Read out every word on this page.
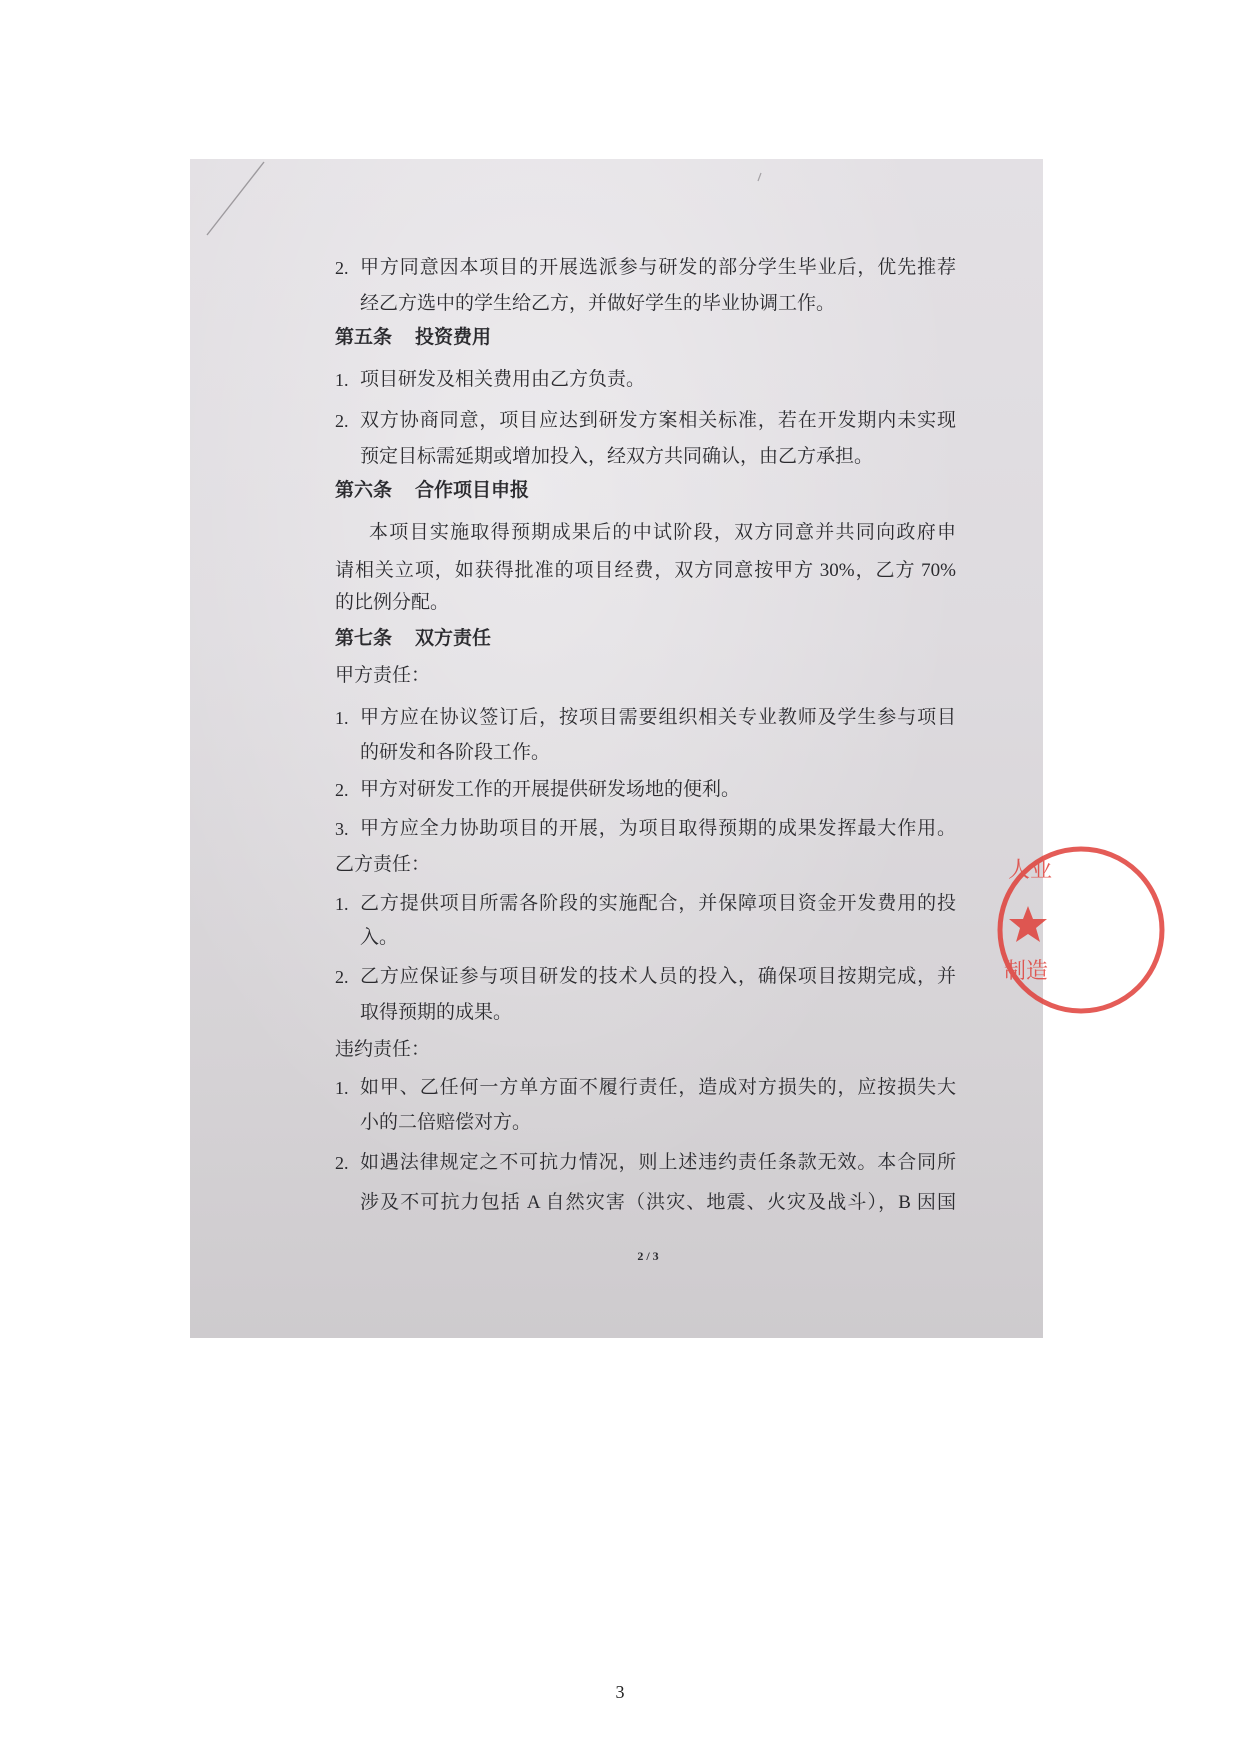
人业
制造
2. 甲方同意因本项目的开展选派参与研发的部分学生毕业后，优先推荐
经乙方选中的学生给乙方，并做好学生的毕业协调工作。
第五条 投资费用
1. 项目研发及相关费用由乙方负责。
2. 双方协商同意，项目应达到研发方案相关标准，若在开发期内未实现
预定目标需延期或增加投入，经双方共同确认，由乙方承担。
第六条 合作项目申报
本项目实施取得预期成果后的中试阶段，双方同意并共同向政府申
请相关立项，如获得批准的项目经费，双方同意按甲方 30%，乙方 70%
的比例分配。
第七条 双方责任
甲方责任：
1. 甲方应在协议签订后，按项目需要组织相关专业教师及学生参与项目
的研发和各阶段工作。
2. 甲方对研发工作的开展提供研发场地的便利。
3. 甲方应全力协助项目的开展，为项目取得预期的成果发挥最大作用。
乙方责任：
1. 乙方提供项目所需各阶段的实施配合，并保障项目资金开发费用的投
入。
2. 乙方应保证参与项目研发的技术人员的投入，确保项目按期完成，并
取得预期的成果。
违约责任：
1. 如甲、乙任何一方单方面不履行责任，造成对方损失的，应按损失大
小的二倍赔偿对方。
2. 如遇法律规定之不可抗力情况，则上述违约责任条款无效。本合同所
涉及不可抗力包括 A 自然灾害（洪灾、地震、火灾及战斗），B 因国
2 / 3
3
